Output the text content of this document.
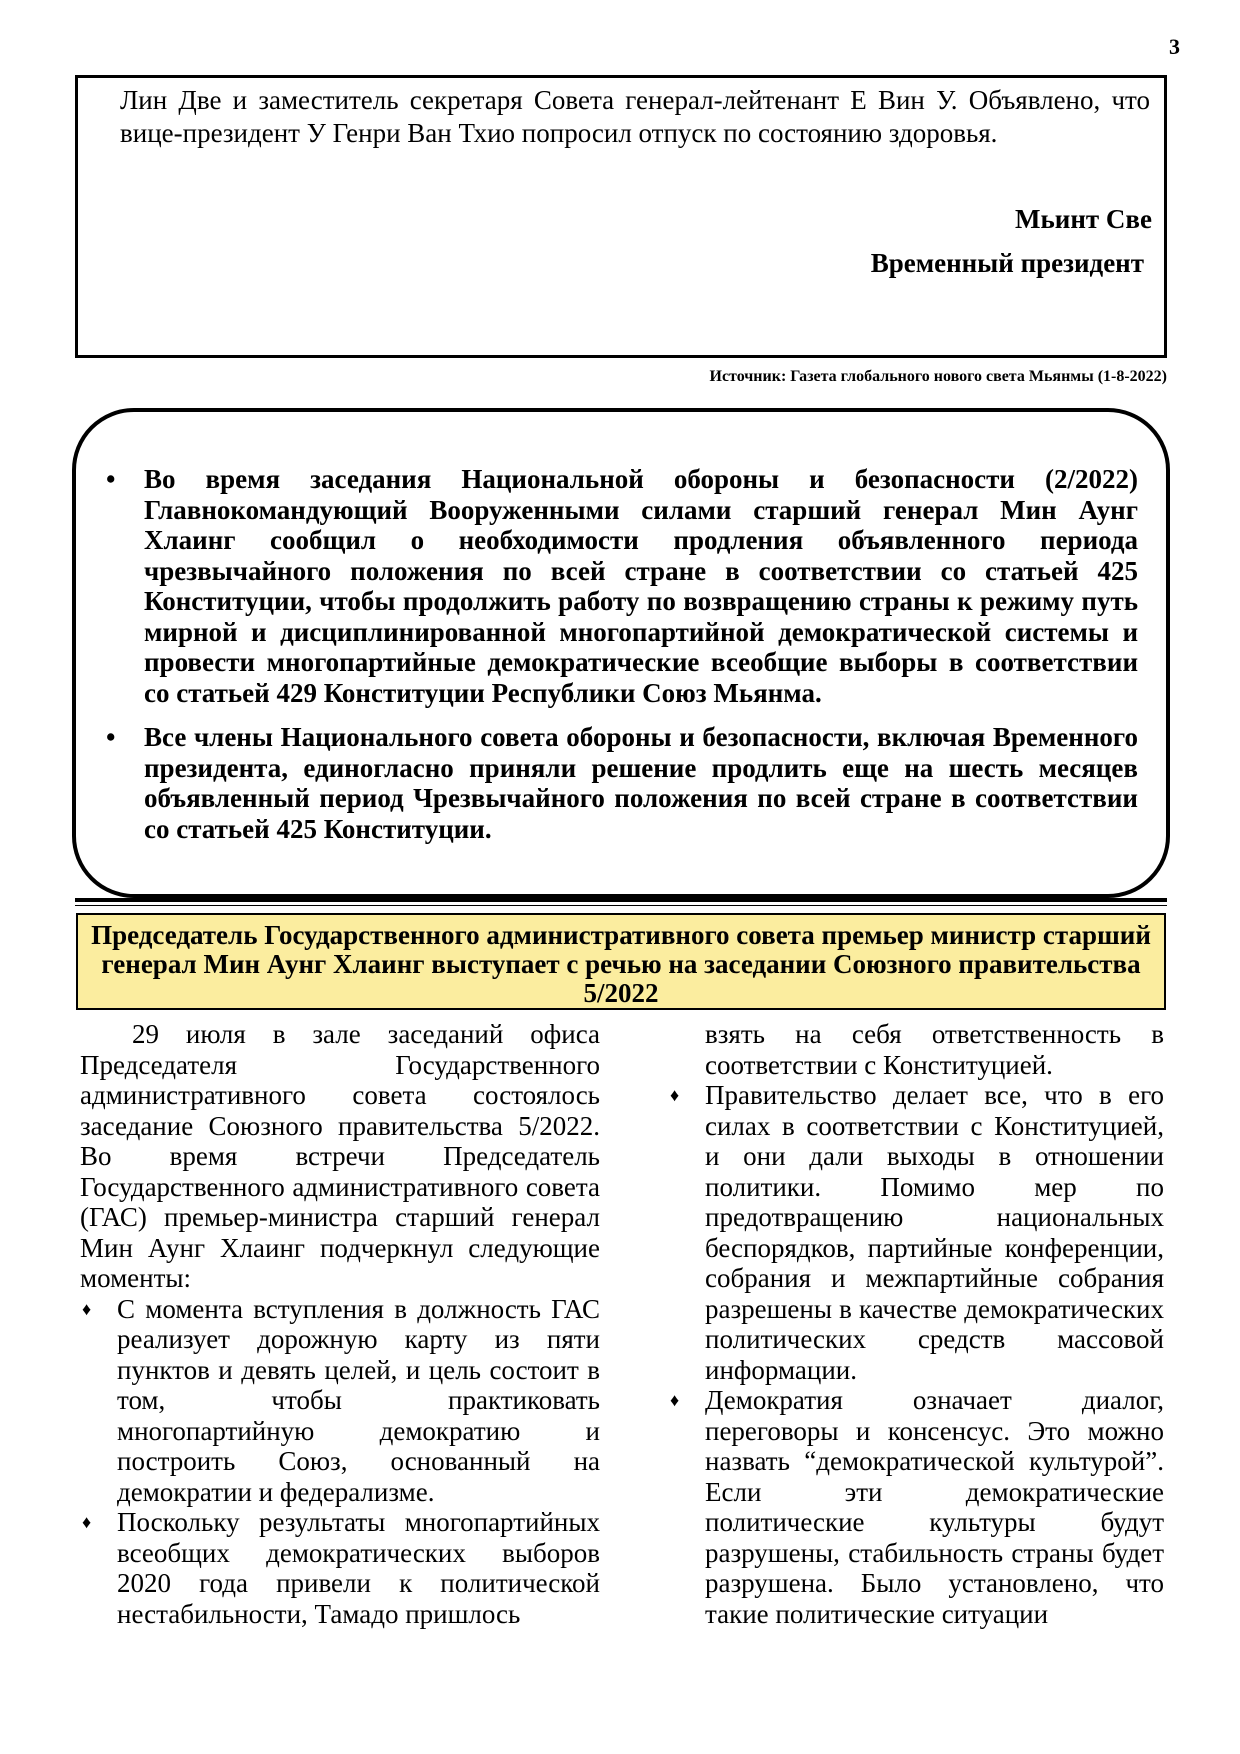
3
Лин Две и заместитель секретаря Совета генерал-лейтенант Е Вин У. Объявлено, что вице-президент У Генри Ван Тхио попросил отпуск по состоянию здоровья.
Мьинт Све
Временный президент
Источник: Газета глобального нового света Мьянмы (1-8-2022)
• Во время заседания Национальной обороны и безопасности (2/2022) Главнокомандующий Вооруженными силами старший генерал Мин Аунг Хлаинг сообщил о необходимости продления объявленного периода чрезвычайного положения по всей стране в соответствии со статьей 425 Конституции, чтобы продолжить работу по возвращению страны к режиму путь мирной и дисциплинированной многопартийной демократической системы и провести многопартийные демократические всеобщие выборы в соответствии со статьей 429 Конституции Республики Союз Мьянма.
• Все члены Национального совета обороны и безопасности, включая Временного президента, единогласно приняли решение продлить еще на шесть месяцев объявленный период Чрезвычайного положения по всей стране в соответствии со статьей 425 Конституции.
Председатель Государственного административного совета премьер министр старший генерал Мин Аунг Хлаинг выступает с речью на заседании Союзного правительства 5/2022

29 июля в зале заседаний офиса Председателя Государственного административного совета состоялось заседание Союзного правительства 5/2022. Во время встречи Председатель Государственного административного совета (ГАС) премьер-министра старший генерал Мин Аунг Хлаинг подчеркнул следующие моменты:

♦ С момента вступления в должность ГАС реализует дорожную карту из пяти пунктов и девять целей, и цель состоит в том, чтобы практиковать многопартийную демократию и построить Союз, основанный на демократии и федерализме.
♦ Поскольку результаты многопартийных всеобщих демократических выборов 2020 года привели к политической нестабильности, Тамадо пришлось
взять на себя ответственность в соответствии с Конституцией.
♦ Правительство делает все, что в его силах в соответствии с Конституцией, и они дали выходы в отношении политики. Помимо мер по предотвращению национальных беспорядков, партийные конференции, собрания и межпартийные собрания разрешены в качестве демократических политических средств массовой информации.
♦ Демократия означает диалог, переговоры и консенсус. Это можно назвать “демократической культурой”. Если эти демократические политические культуры будут разрушены, стабильность страны будет разрушена. Было установлено, что такие политические ситуации
